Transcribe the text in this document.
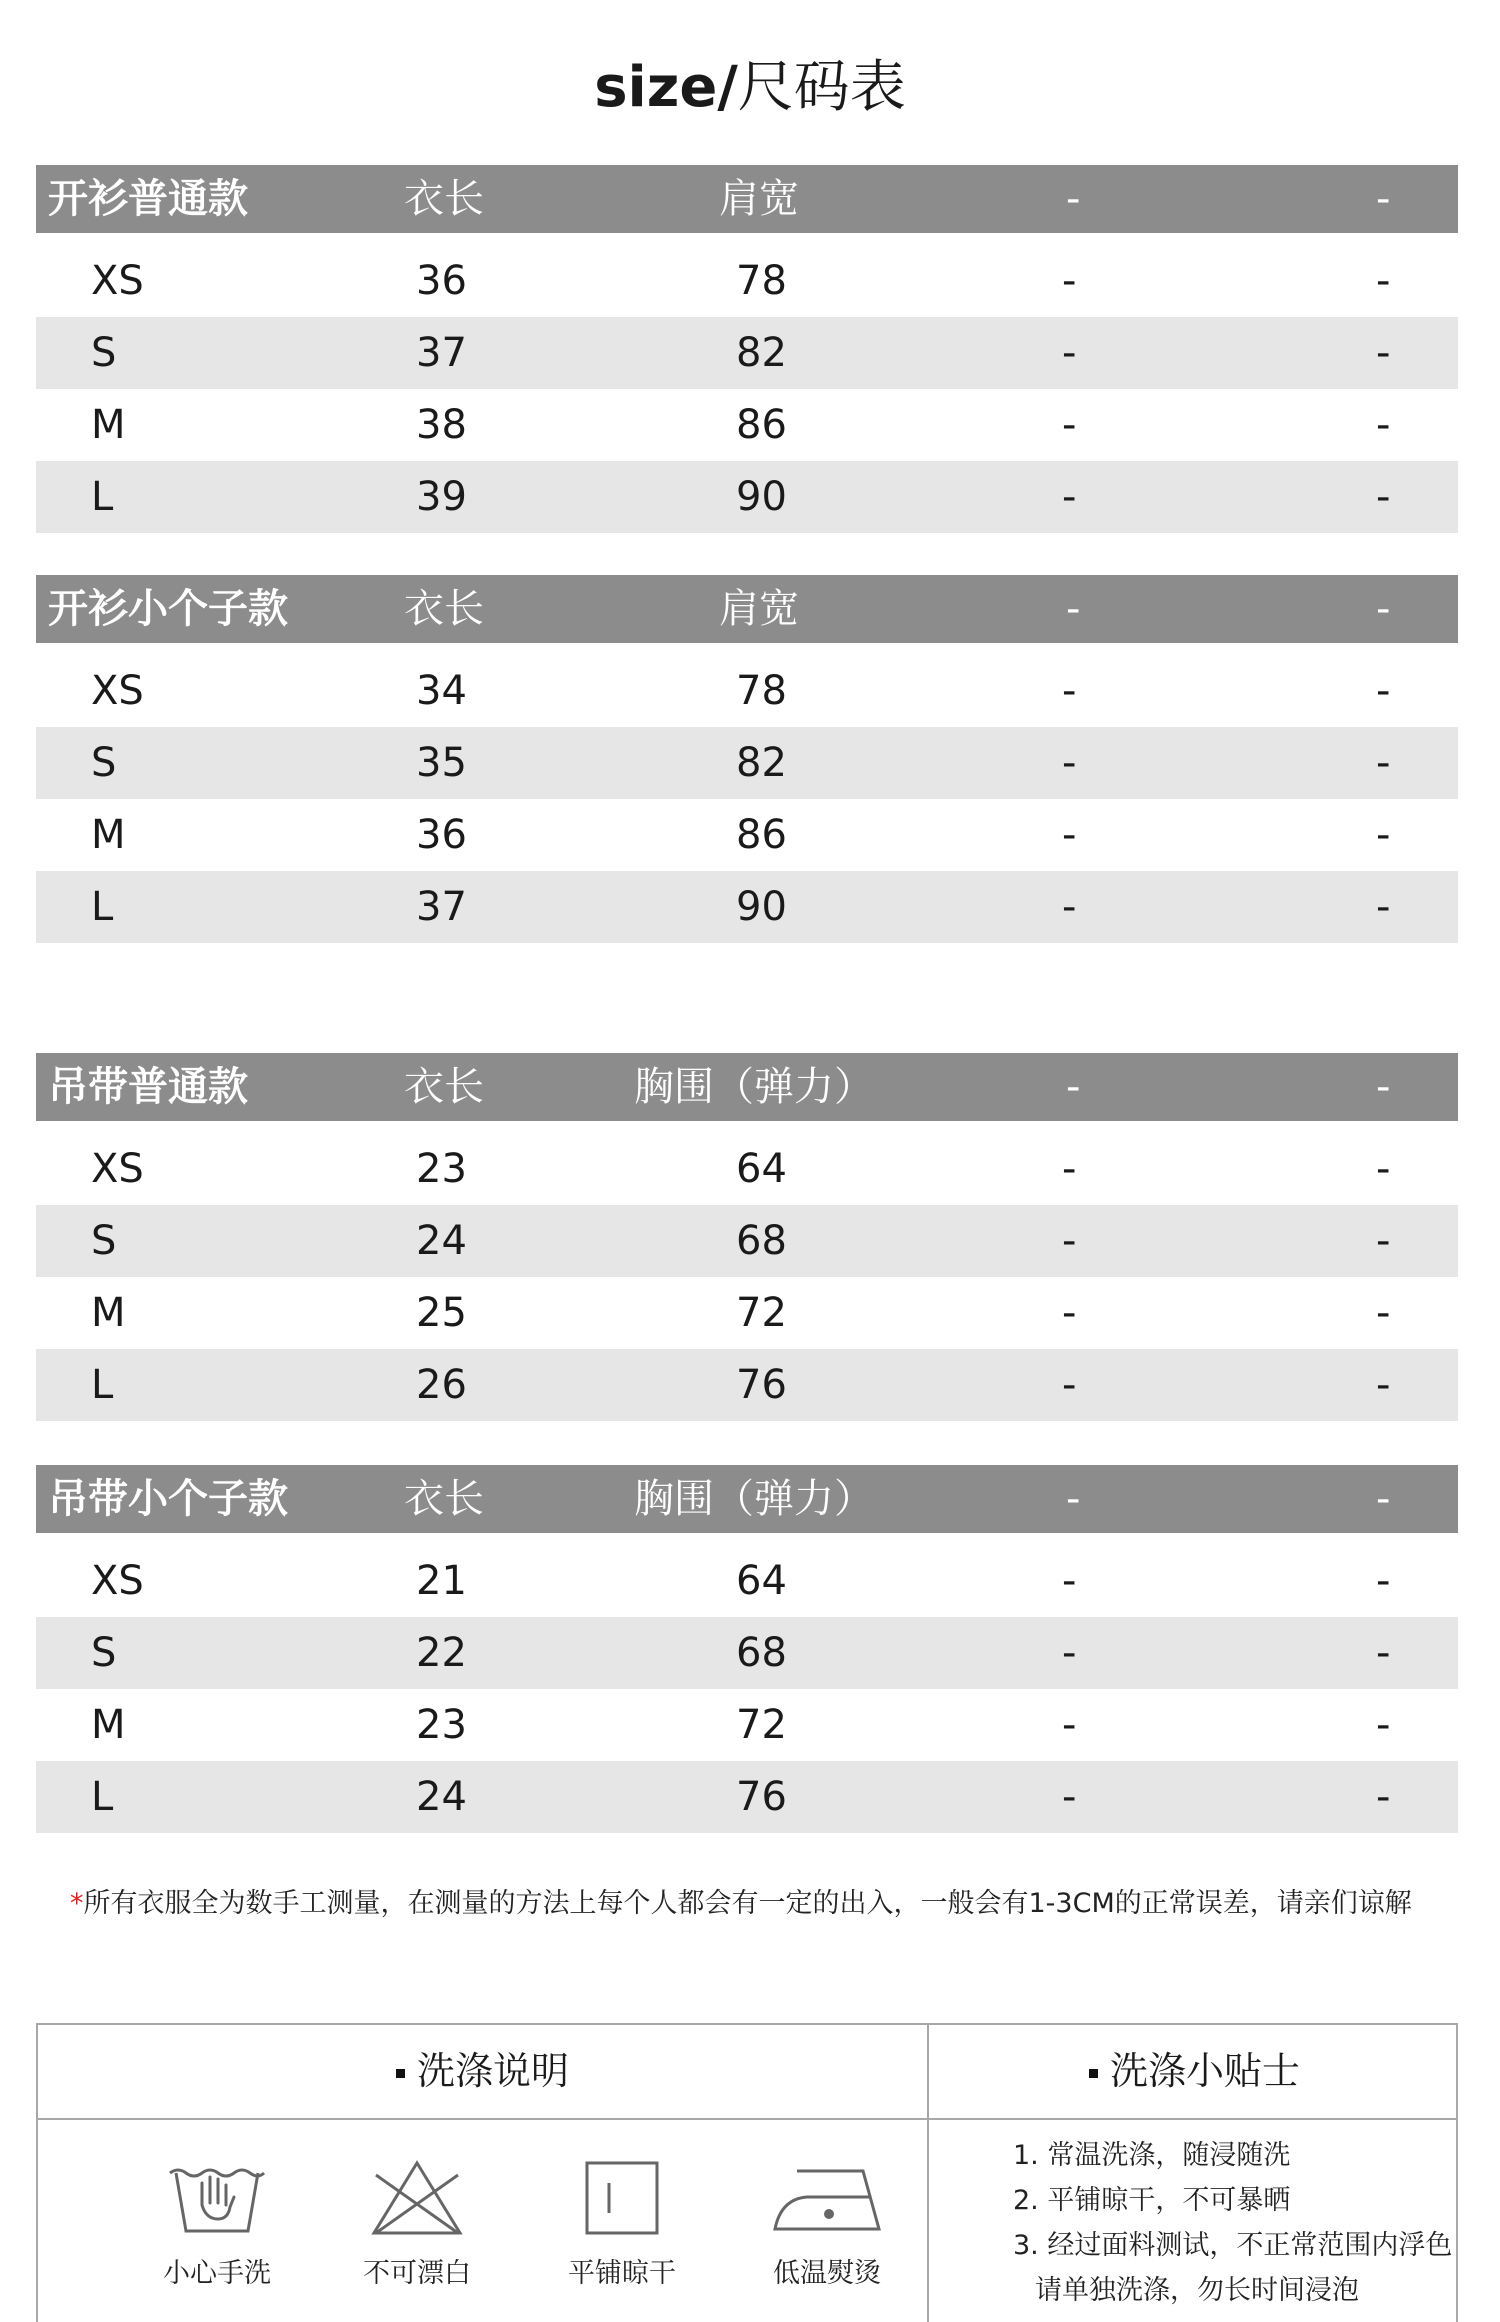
size/尺码表
开衫普通款	衣长	肩宽	-	-
XS	36	78	-	-
S	37	82	-	-
M	38	86	-	-
L	39	90	-	-
开衫小个子款	衣长	肩宽	-	-
XS	34	78	-	-
S	35	82	-	-
M	36	86	-	-
L	37	90	-	-
吊带普通款	衣长	胸围（弹力）	-	-
XS	23	64	-	-
S	24	68	-	-
M	25	72	-	-
L	26	76	-	-
吊带小个子款	衣长	胸围（弹力）	-	-
XS	21	64	-	-
S	22	68	-	-
M	23	72	-	-
L	24	76	-	-
*所有衣服全为数手工测量，在测量的方法上每个人都会有一定的出入，一般会有1-3CM的正常误差，请亲们谅解
洗涤说明	洗涤小贴士
小心手洗	不可漂白	平铺晾干	低温熨烫
1. 常温洗涤，随浸随洗
2. 平铺晾干，不可暴晒
3. 经过面料测试，不正常范围内浮色
请单独洗涤，勿长时间浸泡
